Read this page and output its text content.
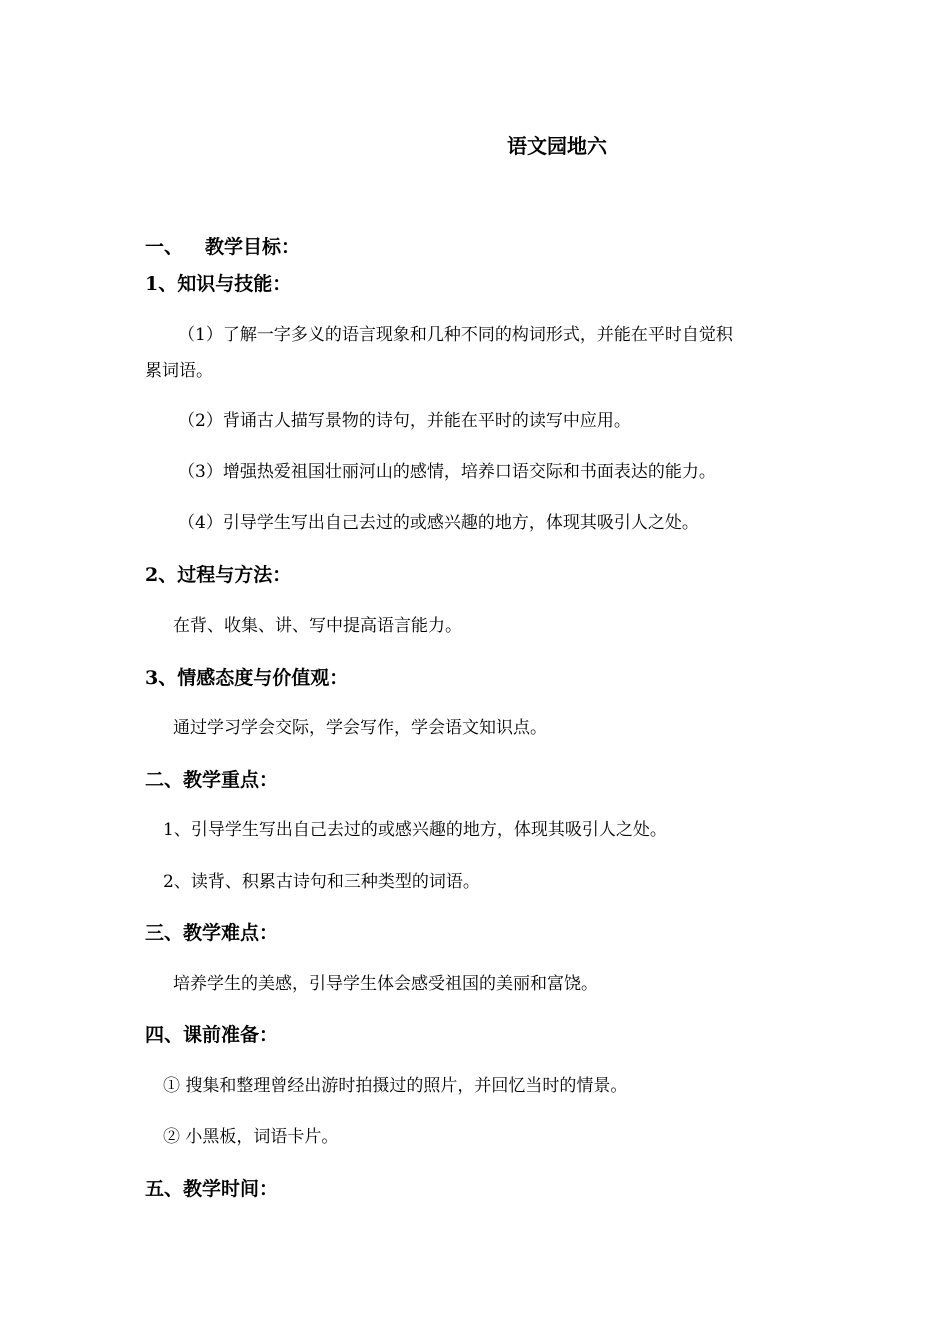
语文园地六
一、 教学目标：
1、知识与技能：
（1）了解一字多义的语言现象和几种不同的构词形式，并能在平时自觉积
累词语。
（2）背诵古人描写景物的诗句，并能在平时的读写中应用。
（3）增强热爱祖国壮丽河山的感情，培养口语交际和书面表达的能力。
（4）引导学生写出自己去过的或感兴趣的地方，体现其吸引人之处。
2、过程与方法：
在背、收集、讲、写中提高语言能力。
3、情感态度与价值观：
通过学习学会交际，学会写作，学会语文知识点。
二、教学重点：
1、引导学生写出自己去过的或感兴趣的地方，体现其吸引人之处。
2、读背、积累古诗句和三种类型的词语。
三、教学难点：
培养学生的美感，引导学生体会感受祖国的美丽和富饶。
四、课前准备：
① 搜集和整理曾经出游时拍摄过的照片，并回忆当时的情景。
② 小黑板，词语卡片。
五、教学时间：
